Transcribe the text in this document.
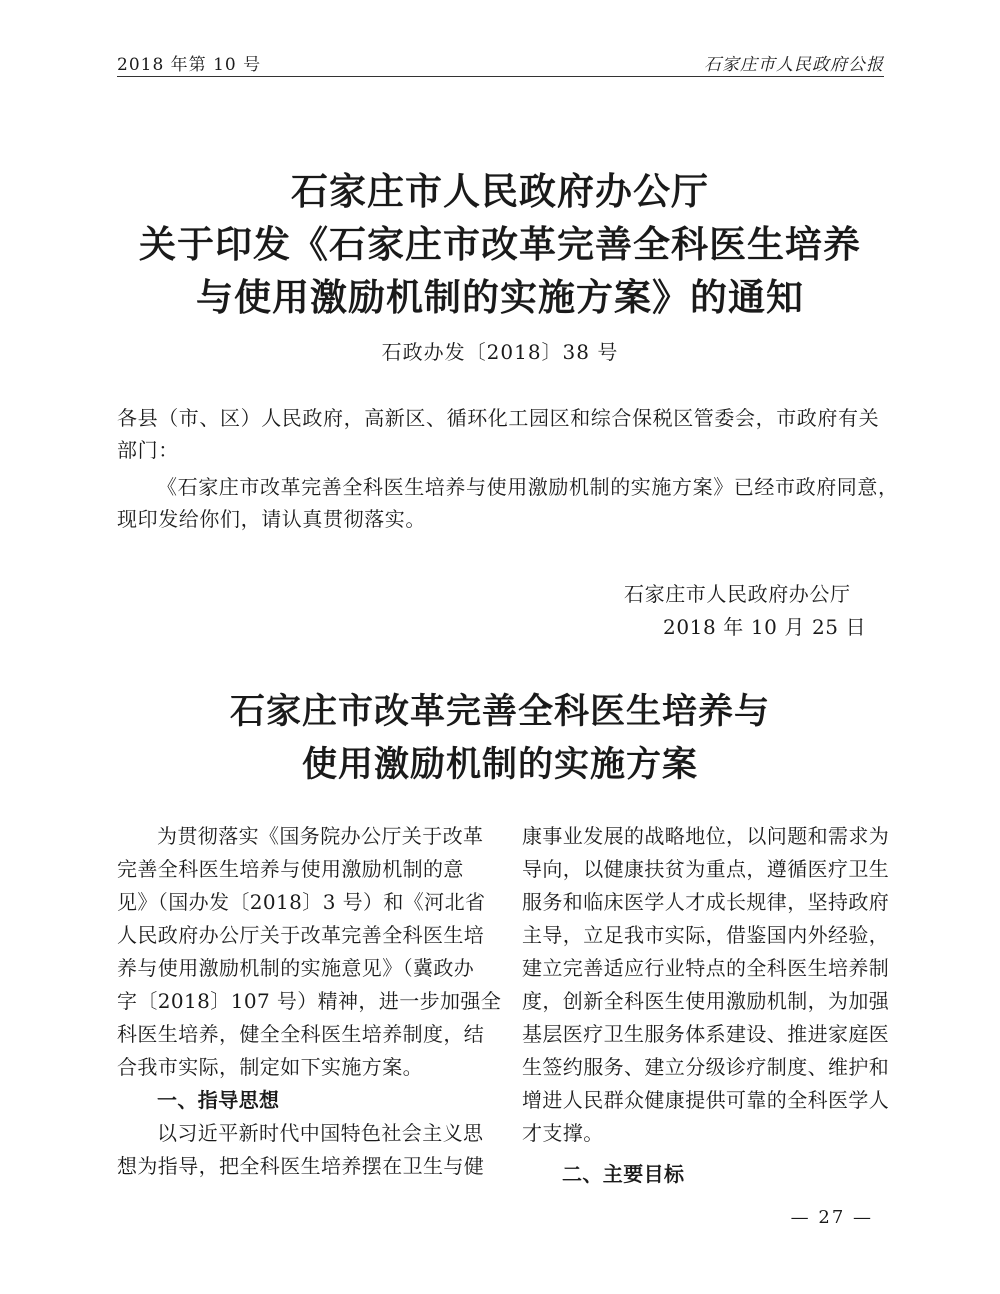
2018 年第 10 号	石家庄市人民政府公报
石家庄市人民政府办公厅
关于印发《石家庄市改革完善全科医生培养
与使用激励机制的实施方案》的通知
石政办发〔2018〕38 号
各县（市、区）人民政府，高新区、循环化工园区和综合保税区管委会，市政府有关
部门：
《石家庄市改革完善全科医生培养与使用激励机制的实施方案》已经市政府同意，
现印发给你们，请认真贯彻落实。
石家庄市人民政府办公厅
2018 年 10 月 25 日
石家庄市改革完善全科医生培养与
使用激励机制的实施方案
为贯彻落实《国务院办公厅关于改革
完善全科医生培养与使用激励机制的意
见》（国办发〔2018〕3 号）和《河北省
人民政府办公厅关于改革完善全科医生培
养与使用激励机制的实施意见》（冀政办
字〔2018〕107 号）精神，进一步加强全
科医生培养，健全全科医生培养制度，结
合我市实际，制定如下实施方案。
一、指导思想
以习近平新时代中国特色社会主义思
想为指导，把全科医生培养摆在卫生与健
康事业发展的战略地位，以问题和需求为
导向，以健康扶贫为重点，遵循医疗卫生
服务和临床医学人才成长规律，坚持政府
主导，立足我市实际，借鉴国内外经验，
建立完善适应行业特点的全科医生培养制
度，创新全科医生使用激励机制，为加强
基层医疗卫生服务体系建设、推进家庭医
生签约服务、建立分级诊疗制度、维护和
增进人民群众健康提供可靠的全科医学人
才支撑。
二、主要目标
— 27 —
